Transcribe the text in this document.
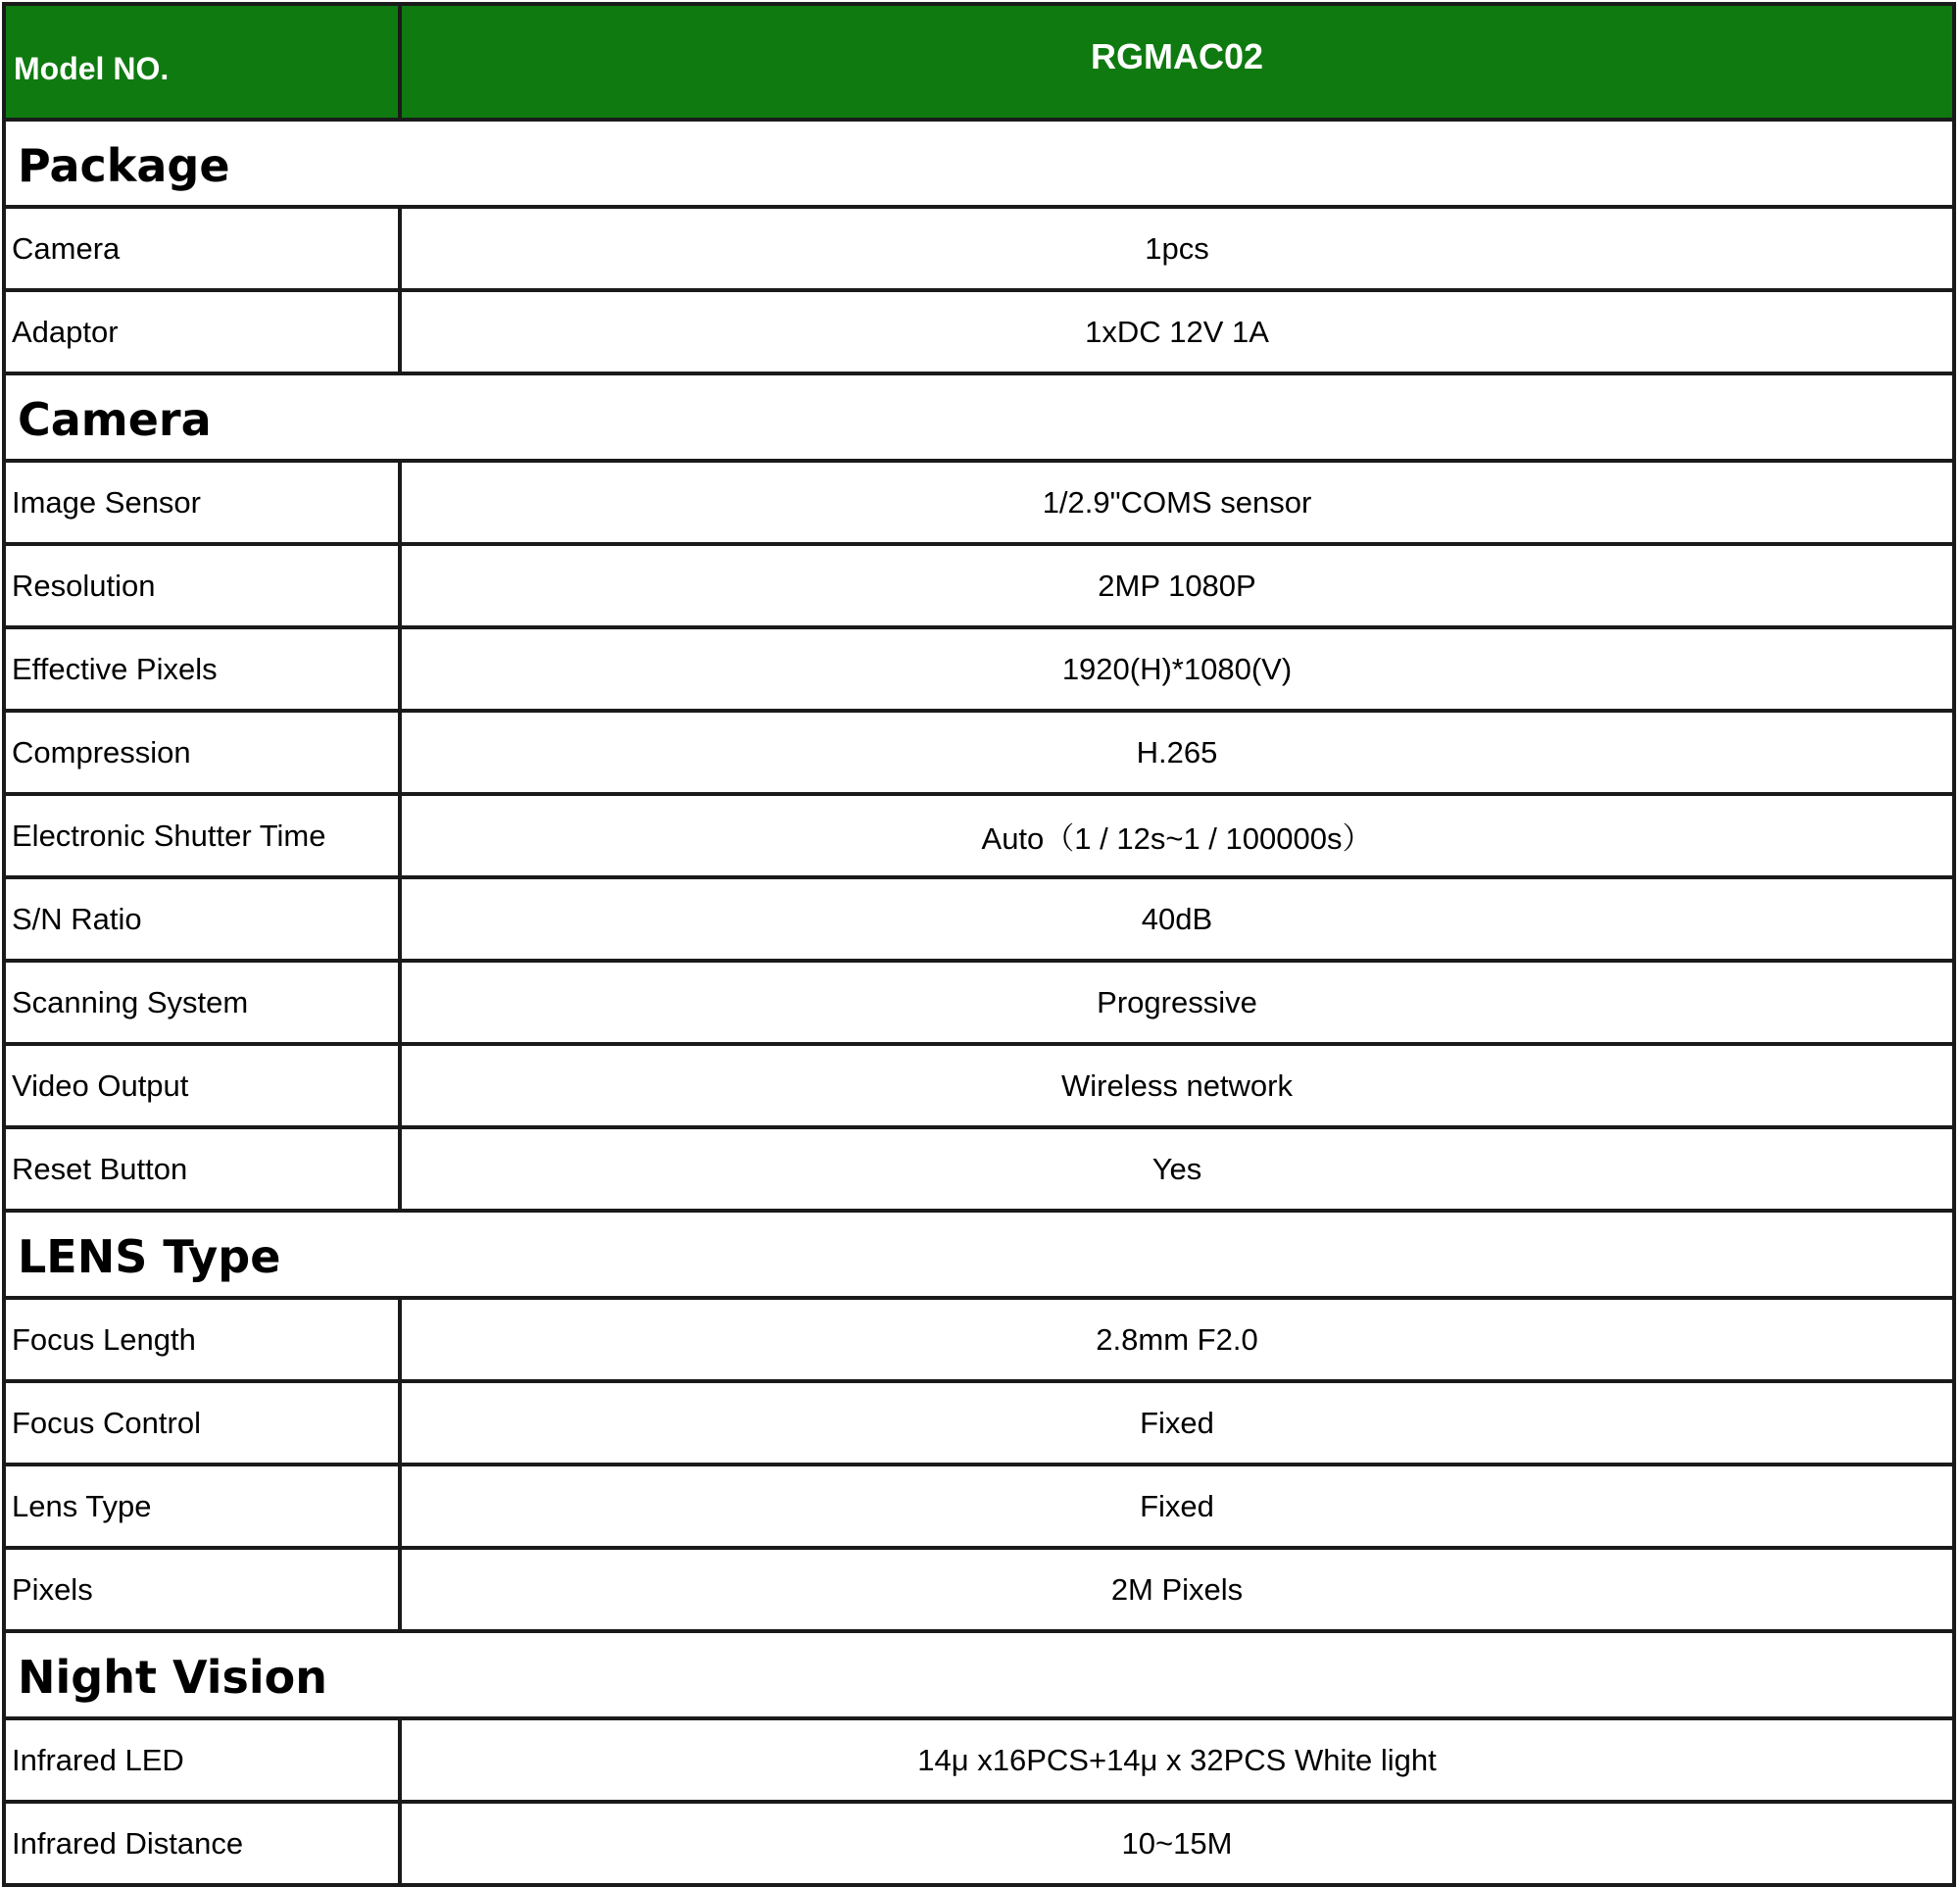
Model NO.	RGMAC02
Package	
Camera	1pcs
Adaptor	1xDC 12V 1A
Camera	
Image Sensor	1/2.9"COMS sensor
Resolution	2MP 1080P
Effective Pixels	1920(H)*1080(V)
Compression	H.265
Electronic Shutter Time	Auto（1 / 12s~1 / 100000s）
S/N Ratio	40dB
Scanning System	Progressive
Video Output	Wireless network
Reset Button	Yes
LENS Type	
Focus Length	2.8mm F2.0
Focus Control	Fixed
Lens Type	Fixed
Pixels	2M Pixels
Night Vision	
Infrared LED	14μ x16PCS+14μ x 32PCS White light
Infrared Distance	10~15M
